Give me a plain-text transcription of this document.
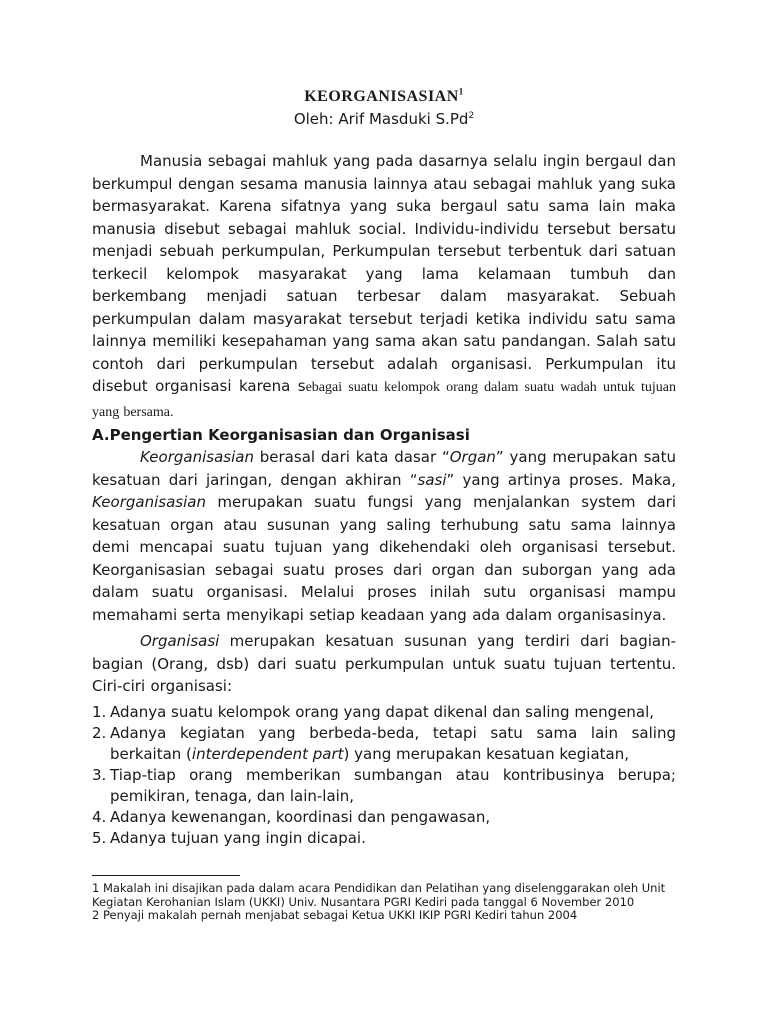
KEORGANISASIAN$^1$

Oleh: Arif Masduki S.Pd$^2$

Manusia sebagai mahluk yang pada dasarnya selalu ingin bergaul dan berkumpul dengan sesama manusia lainnya atau sebagai mahluk yang suka bermasyarakat. Karena sifatnya yang suka bergaul satu sama lain maka manusia disebut sebagai mahluk social. Individu-individu tersebut bersatu menjadi sebuah perkumpulan, Perkumpulan tersebut terbentuk dari satuan terkecil kelompok masyarakat yang lama kelamaan tumbuh dan berkembang menjadi satuan terbesar dalam masyarakat. Sebuah perkumpulan dalam masyarakat tersebut terjadi ketika individu satu sama lainnya memiliki kesepahaman yang sama akan satu pandangan. Salah satu contoh dari perkumpulan tersebut adalah organisasi. Perkumpulan itu disebut organisasi karena sebagai suatu kelompok orang dalam suatu wadah untuk tujuan yang bersama.

A.Pengertian Keorganisasian dan Organisasi

Keorganisasian berasal dari kata dasar “Organ” yang merupakan satu kesatuan dari jaringan, dengan akhiran “sasi” yang artinya proses. Maka, Keorganisasian merupakan suatu fungsi yang menjalankan system dari kesatuan organ atau susunan yang saling terhubung satu sama lainnya demi mencapai suatu tujuan yang dikehendaki oleh organisasi tersebut. Keorganisasian sebagai suatu proses dari organ dan suborgan yang ada dalam suatu organisasi. Melalui proses inilah sutu organisasi mampu memahami serta menyikapi setiap keadaan yang ada dalam organisasinya.

Organisasi merupakan kesatuan susunan yang terdiri dari bagian-bagian (Orang, dsb) dari suatu perkumpulan untuk suatu tujuan tertentu. Ciri-ciri organisasi:

1. Adanya suatu kelompok orang yang dapat dikenal dan saling mengenal,
2. Adanya kegiatan yang berbeda-beda, tetapi satu sama lain saling berkaitan (interdependent part) yang merupakan kesatuan kegiatan,
3. Tiap-tiap orang memberikan sumbangan atau kontribusinya berupa; pemikiran, tenaga, dan lain-lain,
4. Adanya kewenangan, koordinasi dan pengawasan,
5. Adanya tujuan yang ingin dicapai.

1 Makalah ini disajikan pada dalam acara Pendidikan dan Pelatihan yang diselenggarakan oleh Unit Kegiatan Kerohanian Islam (UKKI) Univ. Nusantara PGRI Kediri pada tanggal 6 November 2010

2 Penyaji makalah pernah menjabat sebagai Ketua UKKI IKIP PGRI Kediri tahun 2004
